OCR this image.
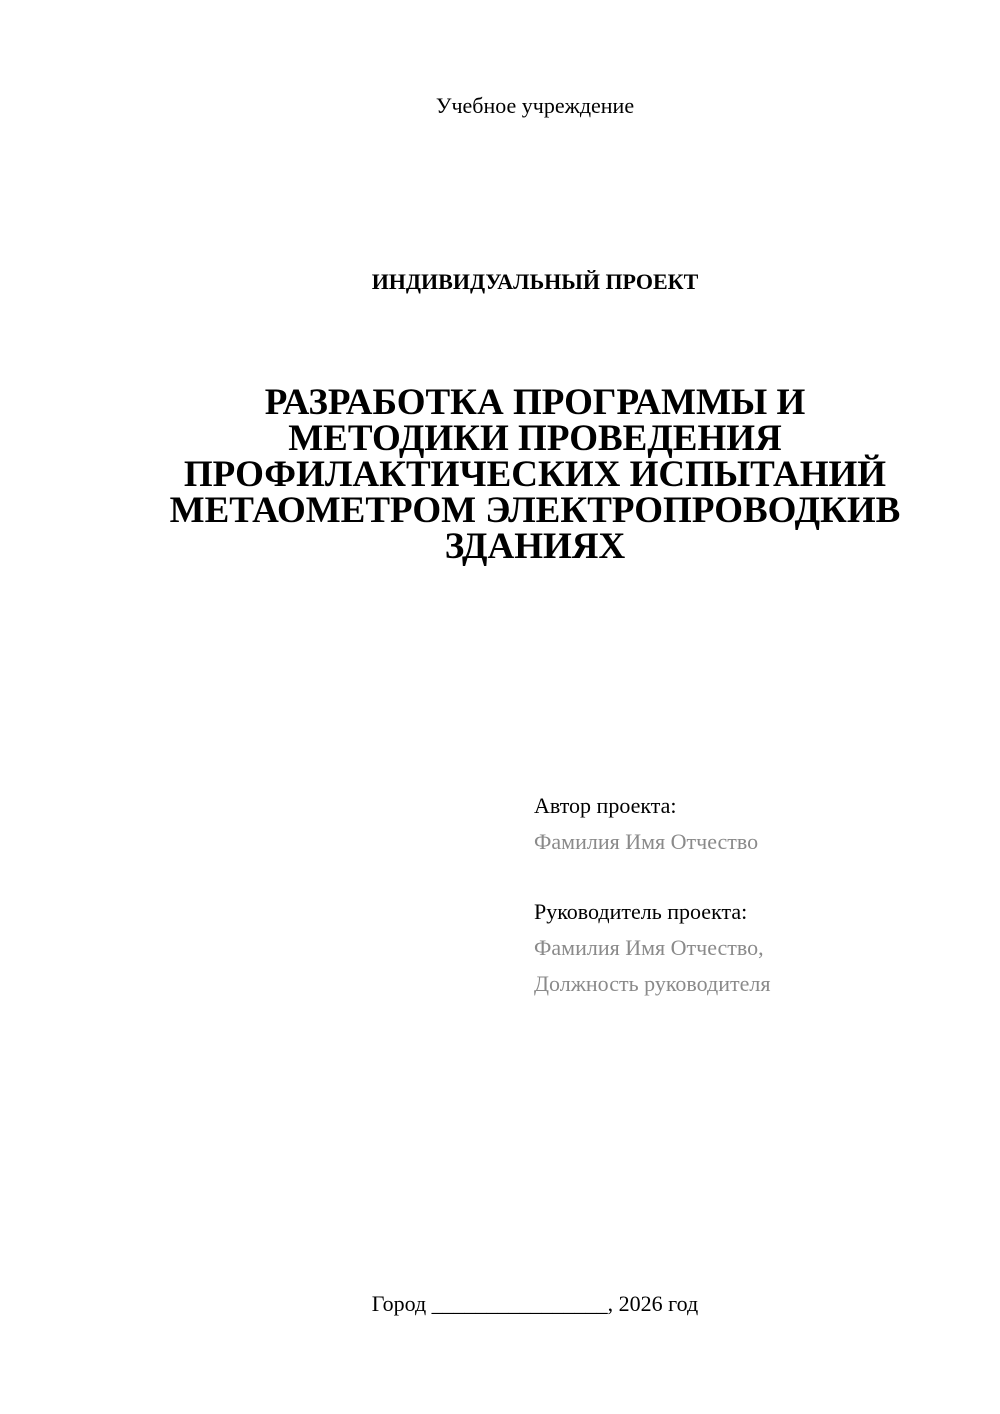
Учебное учреждение
ИНДИВИДУАЛЬНЫЙ ПРОЕКТ
РАЗРАБОТКА ПРОГРАММЫ И
МЕТОДИКИ ПРОВЕДЕНИЯ
ПРОФИЛАКТИЧЕСКИХ ИСПЫТАНИЙ
МЕТАОМЕТРОМ ЭЛЕКТРОПРОВОДКИВ
ЗДАНИЯХ
Автор проекта:
Фамилия Имя Отчество
Руководитель проекта:
Фамилия Имя Отчество,
Должность руководителя
Город ________________, 2026 год
